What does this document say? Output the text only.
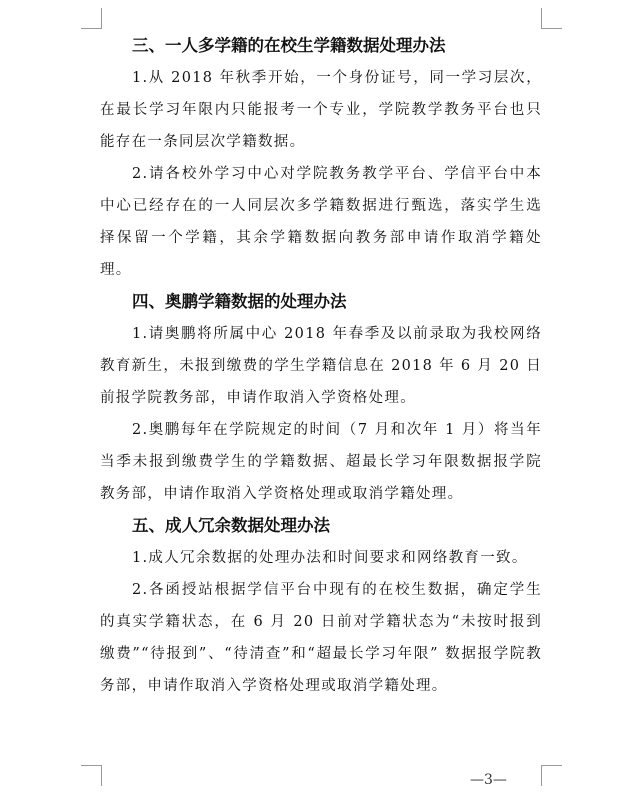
三、一人多学籍的在校生学籍数据处理办法

1.从 2018 年秋季开始，一个身份证号，同一学习层次，在最长学习年限内只能报考一个专业，学院教学教务平台也只能存在一条同层次学籍数据。

2.请各校外学习中心对学院教务教学平台、学信平台中本中心已经存在的一人同层次多学籍数据进行甄选，落实学生选择保留一个学籍，其余学籍数据向教务部申请作取消学籍处理。

四、奥鹏学籍数据的处理办法

1.请奥鹏将所属中心 2018 年春季及以前录取为我校网络教育新生，未报到缴费的学生学籍信息在 2018 年 6 月 20 日前报学院教务部，申请作取消入学资格处理。

2.奥鹏每年在学院规定的时间（7 月和次年 1 月）将当年当季未报到缴费学生的学籍数据、超最长学习年限数据报学院教务部，申请作取消入学资格处理或取消学籍处理。

五、成人冗余数据处理办法

1.成人冗余数据的处理办法和时间要求和网络教育一致。

2.各函授站根据学信平台中现有的在校生数据，确定学生的真实学籍状态，在 6 月 20 日前对学籍状态为“未按时报到缴费”“待报到”、“待清查”和“超最长学习年限” 数据报学院教务部，申请作取消入学资格处理或取消学籍处理。

—3—
